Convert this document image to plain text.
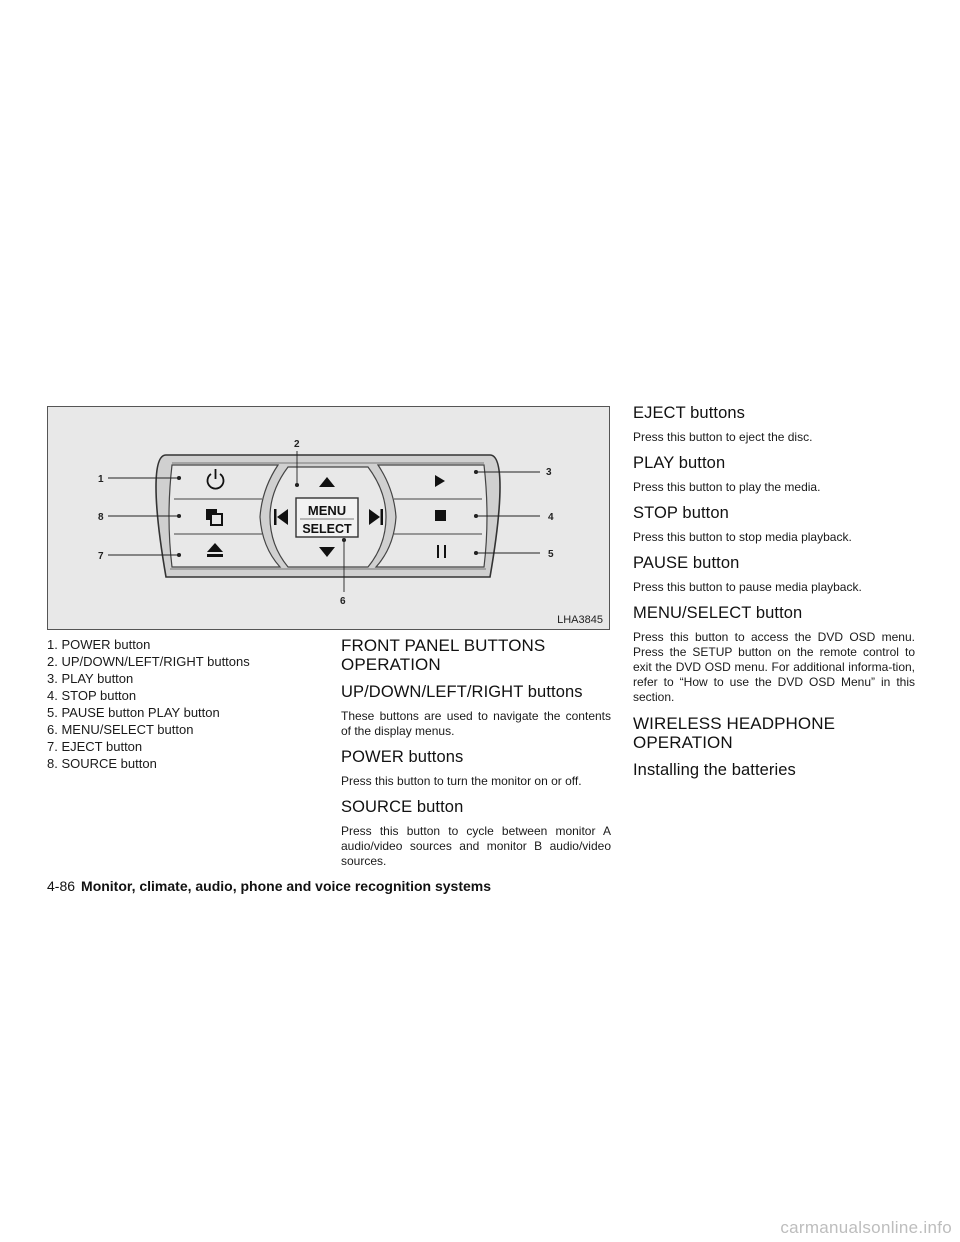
MENU
SELECT
1
2
3
4
5
6
7
8
LHA3845
1. POWER button
2. UP/DOWN/LEFT/RIGHT buttons
3. PLAY button
4. STOP button
5. PAUSE button PLAY button
6. MENU/SELECT button
7. EJECT button
8. SOURCE button
FRONT PANEL BUTTONS OPERATION
UP/DOWN/LEFT/RIGHT buttons

These buttons are used to navigate the contents of the display menus.

POWER buttons

Press this button to turn the monitor on or off.

SOURCE button

Press this button to cycle between monitor A audio/video sources and monitor B audio/video sources.

EJECT buttons

Press this button to eject the disc.

PLAY button

Press this button to play the media.

STOP button

Press this button to stop media playback.

PAUSE button

Press this button to pause media playback.

MENU/SELECT button

Press this button to access the DVD OSD menu. Press the SETUP button on the remote control to exit the DVD OSD menu. For additional informa-tion, refer to “How to use the DVD OSD Menu” in this section.

WIRELESS HEADPHONE OPERATION
Installing the batteries
4-86 Monitor, climate, audio, phone and voice recognition systems
carmanualsonline.info
